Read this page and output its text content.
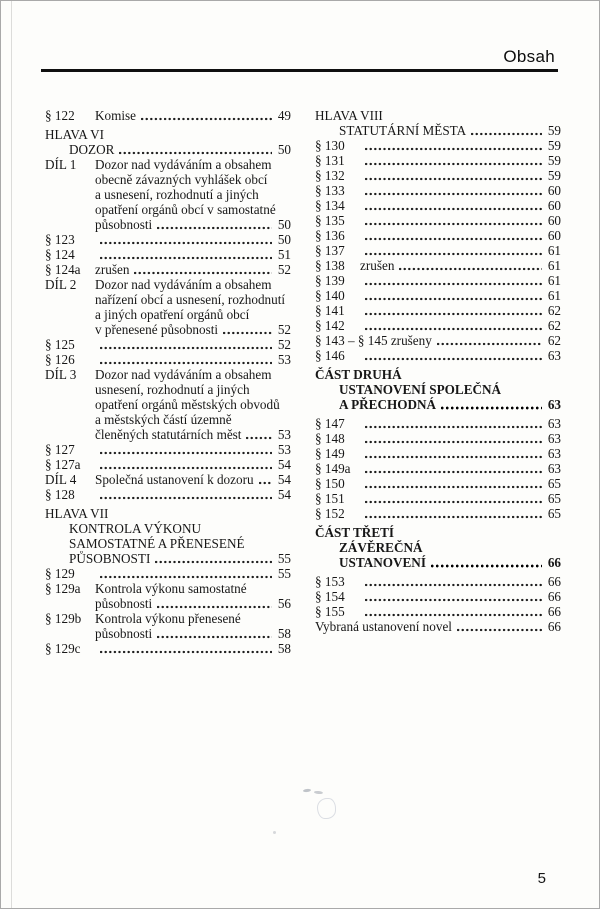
Obsah
§ 122	Komise	49
HLAVA VI
DOZOR	50
DÍL 1	Dozor nad vydáváním a obsahem
obecně závazných vyhlášek obcí
a usnesení, rozhodnutí a jiných
opatření orgánů obcí v samostatné
působnosti	50
§ 123	50
§ 124	51
§ 124a	zrušen	52
DÍL 2	Dozor nad vydáváním a obsahem
nařízení obcí a usnesení, rozhodnutí
a jiných opatření orgánů obcí
v přenesené působnosti	52
§ 125	52
§ 126	53
DÍL 3	Dozor nad vydáváním a obsahem
usnesení, rozhodnutí a jiných
opatření orgánů městských obvodů
a městských částí územně
členěných statutárních měst	53
§ 127	53
§ 127a	54
DÍL 4	Společná ustanovení k dozoru 54
§ 128	54
HLAVA VII
KONTROLA VÝKONU
SAMOSTATNÉ A PŘENESENÉ
PŮSOBNOSTI	55
§ 129	55
§ 129a	Kontrola výkonu samostatné
působnosti	56
§ 129b	Kontrola výkonu přenesené
působnosti	58
§ 129c	58
HLAVA VIII
STATUTÁRNÍ MĚSTA	59
§ 130	59
§ 131	59
§ 132	59
§ 133	60
§ 134	60
§ 135	60
§ 136	60
§ 137	61
§ 138	zrušen	61
§ 139	61
§ 140	61
§ 141	62
§ 142	62
§ 143 – § 145 zrušeny	62
§ 146	63
ČÁST DRUHÁ
USTANOVENÍ SPOLEČNÁ
A PŘECHODNÁ	63
§ 147	63
§ 148	63
§ 149	63
§ 149a	63
§ 150	65
§ 151	65
§ 152	65
ČÁST TŘETÍ
ZÁVĚREČNÁ
USTANOVENÍ	66
§ 153	66
§ 154	66
§ 155	66
Vybraná ustanovení novel	66
5
